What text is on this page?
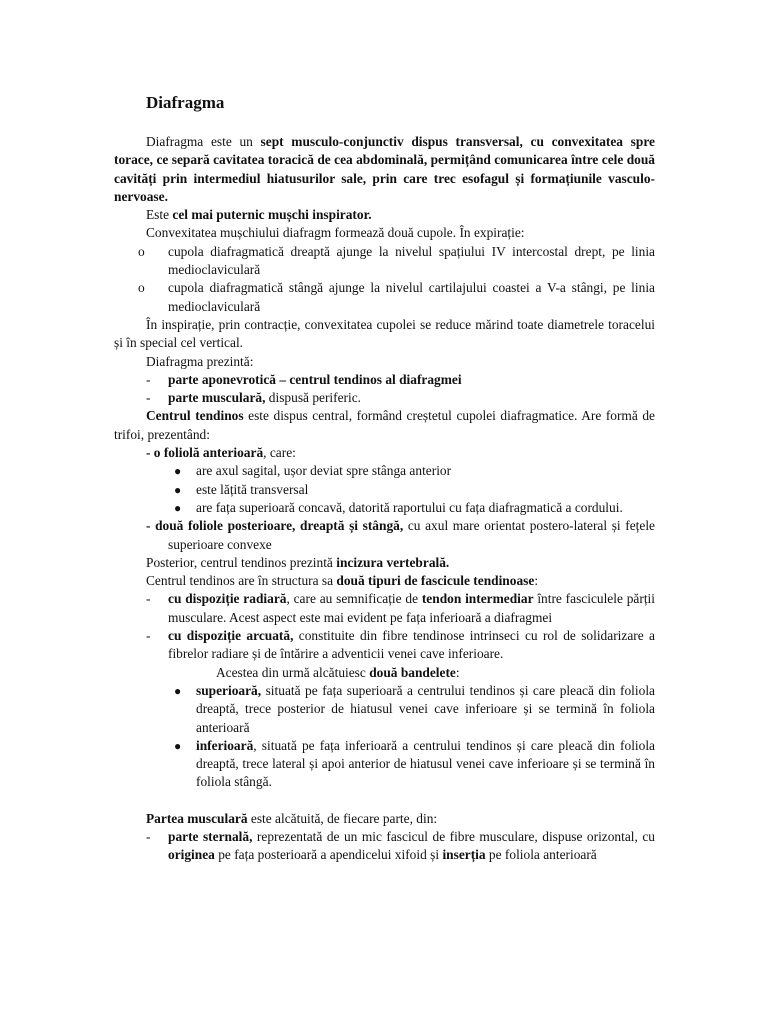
Diafragma

Diafragma este un sept musculo-conjunctiv dispus transversal, cu convexitatea spre torace, ce separă cavitatea toracică de cea abdominală, permițând comunicarea între cele două cavități prin intermediul hiatusurilor sale, prin care trec esofagul și formațiunile vasculo-nervoase.

Este cel mai puternic mușchi inspirator.

Convexitatea mușchiului diafragm formează două cupole. În expirație:

o	cupola diafragmatică dreaptă ajunge la nivelul spațiului IV intercostal drept, pe linia medioclaviculară
o	cupola diafragmatică stângă ajunge la nivelul cartilajului coastei a V-a stângi, pe linia medioclaviculară

În inspirație, prin contracție, convexitatea cupolei se reduce mărind toate diametrele toracelui și în special cel vertical.

Diafragma prezintă:

-	parte aponevrotică – centrul tendinos al diafragmei
-	parte musculară, dispusă periferic.

Centrul tendinos este dispus central, formând creștetul cupolei diafragmatice. Are formă de trifoi, prezentând:

- o foliolă anterioară, care:

●	are axul sagital, ușor deviat spre stânga anterior
●	este lățită transversal
●	are fața superioară concavă, datorită raportului cu fața diafragmatică a cordului.

- două foliole posterioare, dreaptă și stângă, cu axul mare orientat postero-lateral și fețele superioare convexe

Posterior, centrul tendinos prezintă incizura vertebrală.

Centrul tendinos are în structura sa două tipuri de fascicule tendinoase:

-	cu dispoziție radiară, care au semnificație de tendon intermediar între fasciculele părții musculare. Acest aspect este mai evident pe fața inferioară a diafragmei
-	cu dispoziție arcuată, constituite din fibre tendinose intrinseci cu rol de solidarizare a fibrelor radiare și de întărire a adventicii venei cave inferioare.

Acestea din urmă alcătuiesc două bandelete:

●	superioară, situată pe fața superioară a centrului tendinos și care pleacă din foliola dreaptă, trece posterior de hiatusul venei cave inferioare și se termină în foliola anterioară
●	inferioară, situată pe fața inferioară a centrului tendinos și care pleacă din foliola dreaptă, trece lateral și apoi anterior de hiatusul venei cave inferioare și se termină în foliola stângă.

Partea musculară este alcătuită, de fiecare parte, din:

-	parte sternală, reprezentată de un mic fascicul de fibre musculare, dispuse orizontal, cu originea pe fața posterioară a apendicelui xifoid și inserția pe foliola anterioară
